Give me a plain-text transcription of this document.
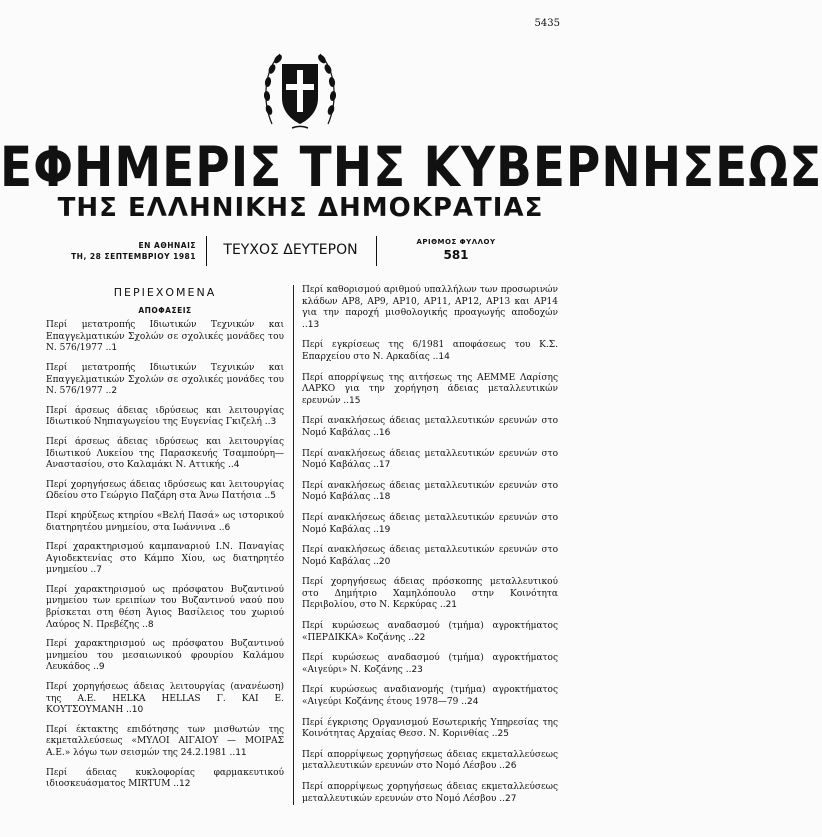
5435
ΕΦΗΜΕΡΙΣ ΤΗΣ ΚΥΒΕΡΝΗΣΕΩΣ
ΤΗΣ ΕΛΛΗΝΙΚΗΣ ΔΗΜΟΚΡΑΤΙΑΣ
ΕΝ ΑΘΗΝΑΙΣ
ΤΗ, 28 ΣΕΠΤΕΜΒΡΙΟΥ 1981	ΤΕΥΧΟΣ ΔΕΥΤΕΡΟΝ	ΑΡΙΘΜΟΣ ΦΥΛΛΟΥ
581
ΠΕΡΙΕΧΟΜΕΝΑ
ΑΠΟΦΑΣΕΙΣ
Περί μετατροπής Ιδιωτικών Τεχνικών και Επαγγελματικών Σχολών σε σχολικές μονάδες του Ν. 576/1977 ..1
Περί μετατροπής Ιδιωτικών Τεχνικών και Επαγγελματικών Σχολών σε σχολικές μονάδες του Ν. 576/1977 ..2
Περί άρσεως άδειας ιδρύσεως και λειτουργίας Ιδιωτικού Νηπιαγωγείου της Ευγενίας Γκιζελή ..3
Περί άρσεως άδειας ιδρύσεως και λειτουργίας Ιδιωτικού Λυκείου της Παρασκευής Τσαμπούρη—Αναστασίου, στο Καλαμάκι Ν. Αττικής ..4
Περί χορηγήσεως άδειας ιδρύσεως και λειτουργίας Ωδείου στο Γεώργιο Παζάρη στα Άνω Πατήσια ..5
Περί κηρύξεως κτηρίου «Βελή Πασά» ως ιστορικού διατηρητέου μνημείου, στα Ιωάννινα ..6
Περί χαρακτηρισμού καμπαναριού Ι.Ν. Παναγίας Αγιοδεκτενίας στο Κάμπο Χίου, ως διατηρητέο μνημείου ..7
Περί χαρακτηρισμού ως πρόσφατου Βυζαντινού μνημείου των ερειπίων του Βυζαντινού ναού που βρίσκεται στη θέση Άγιος Βασίλειος του χωριού Λαύρος Ν. Πρεβέζης ..8
Περί χαρακτηρισμού ως πρόσφατου Βυζαντινού μνημείου του μεσαιωνικού φρουρίου Καλάμου Λευκάδος ..9
Περί χορηγήσεως άδειας λειτουργίας (ανανέωση) της Α.Ε. HELKA HELLAS Γ. ΚΑΙ Ε. ΚΟΥΤΣΟΥΜΑΝΗ ..10
Περί έκτακτης επιδότησης των μισθωτών της εκμεταλλεύσεως «ΜΥΛΟΙ ΑΙΓΑΙΟΥ — ΜΟΙΡΑΣ Α.Ε.» λόγω των σεισμών της 24.2.1981 ..11
Περί άδειας κυκλοφορίας φαρμακευτικού ιδιοσκευάσματος MIRTUM ..12
Περί καθορισμού αριθμού υπαλλήλων των προσωρινών κλάδων ΑΡ8, ΑΡ9, ΑΡ10, ΑΡ11, ΑΡ12, ΑΡ13 και ΑΡ14 για την παροχή μισθολογικής προαγωγής αποδοχών ..13
Περί εγκρίσεως της 6/1981 αποφάσεως του Κ.Σ. Επαρχείου στο Ν. Αρκαδίας ..14
Περί απορρίψεως της αιτήσεως της ΑΕΜΜΕ Λαρίσης ΛΑΡΚΟ για την χορήγηση άδειας μεταλλευτικών ερευνών ..15
Περί ανακλήσεως άδειας μεταλλευτικών ερευνών στο Νομό Καβάλας ..16
Περί ανακλήσεως άδειας μεταλλευτικών ερευνών στο Νομό Καβάλας ..17
Περί ανακλήσεως άδειας μεταλλευτικών ερευνών στο Νομό Καβάλας ..18
Περί ανακλήσεως άδειας μεταλλευτικών ερευνών στο Νομό Καβάλας ..19
Περί ανακλήσεως άδειας μεταλλευτικών ερευνών στο Νομό Καβάλας ..20
Περί χορηγήσεως άδειας πρόσκοπης μεταλλευτικού στο Δημήτριο Χαμηλόπουλο στην Κοινότητα Περιβολίου, στο Ν. Κερκύρας ..21
Περί κυρώσεως αναδασμού (τμήμα) αγροκτήματος «ΠΕΡΔΙΚΚΑ» Κοζάνης ..22
Περί κυρώσεως αναδασμού (τμήμα) αγροκτήματος «Αιγεύρι» Ν. Κοζάνης ..23
Περί κυρώσεως αναδιανομής (τμήμα) αγροκτήματος «Αιγεύρι Κοζάνης έτους 1978—79 ..24
Περί έγκρισης Οργανισμού Εσωτερικής Υπηρεσίας της Κοινότητας Αρχαίας Θεσσ. Ν. Κορινθίας ..25
Περί απορρίψεως χορηγήσεως άδειας εκμεταλλεύσεως μεταλλευτικών ερευνών στο Νομό Λέσβου ..26
Περί απορρίψεως χορηγήσεως άδειας εκμεταλλεύσεως μεταλλευτικών ερευνών στο Νομό Λέσβου ..27
